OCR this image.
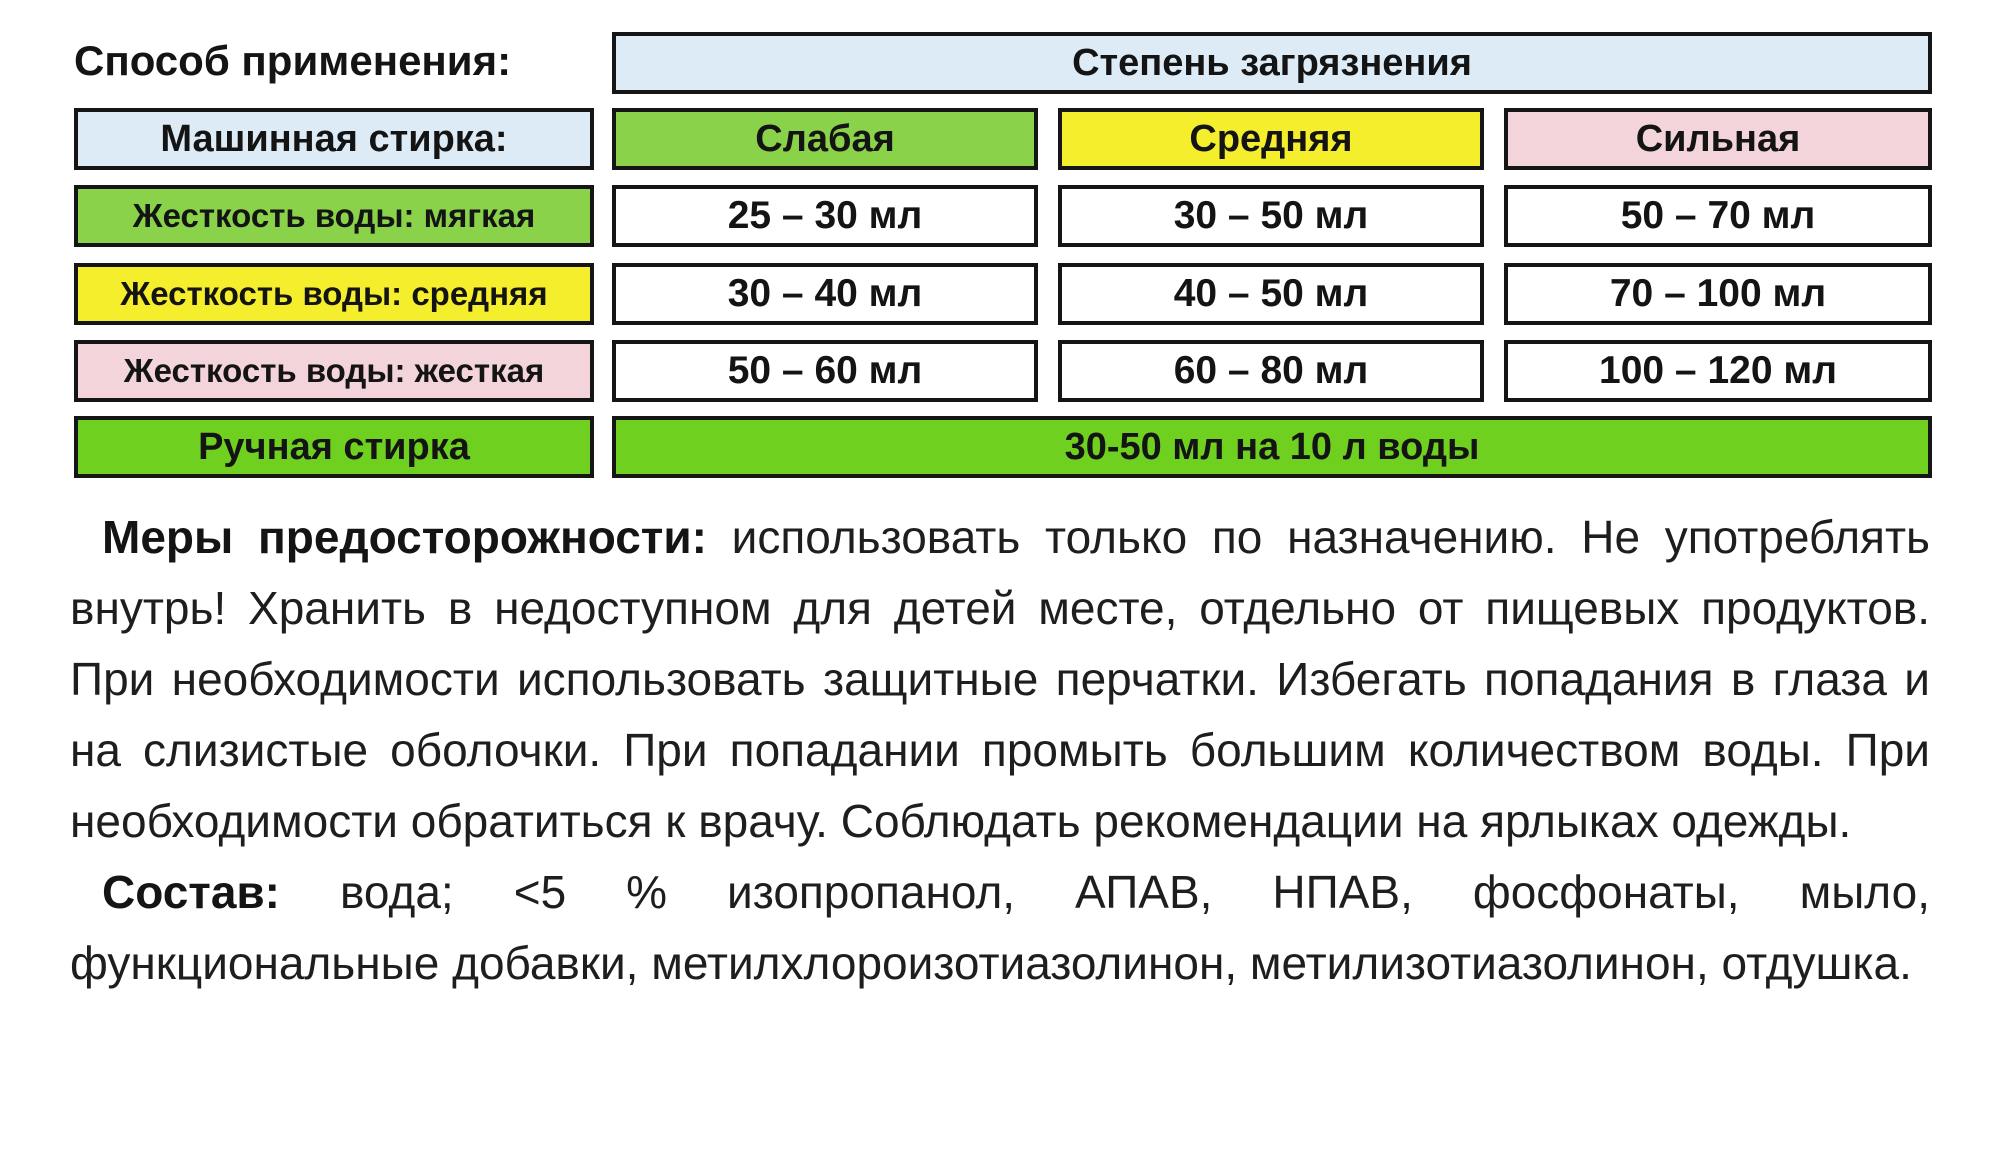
Способ применения:	Степень загрязнения
Машинная стирка:	Слабая	Средняя	Сильная
Жесткость воды: мягкая	25 – 30 мл	30 – 50 мл	50 – 70 мл
Жесткость воды: средняя	30 – 40 мл	40 – 50 мл	70 – 100 мл
Жесткость воды: жесткая	50 – 60 мл	60 – 80 мл	100 – 120 мл
Ручная стирка	30-50 мл на 10 л воды

Меры предосторожности: использовать только по назначению. Не употреблять внутрь! Хранить в недоступном для детей месте, отдельно от пищевых продуктов. При необходимости использовать защитные перчатки. Избегать попадания в глаза и на слизистые оболочки. При попадании промыть большим количеством воды. При необходимости обратиться к врачу. Соблюдать рекомендации на ярлыках одежды.

Состав: вода; <5 % изопропанол, АПАВ, НПАВ, фосфонаты, мыло, функциональные добавки, метилхлороизотиазолинон, метилизотиазолинон, отдушка.
